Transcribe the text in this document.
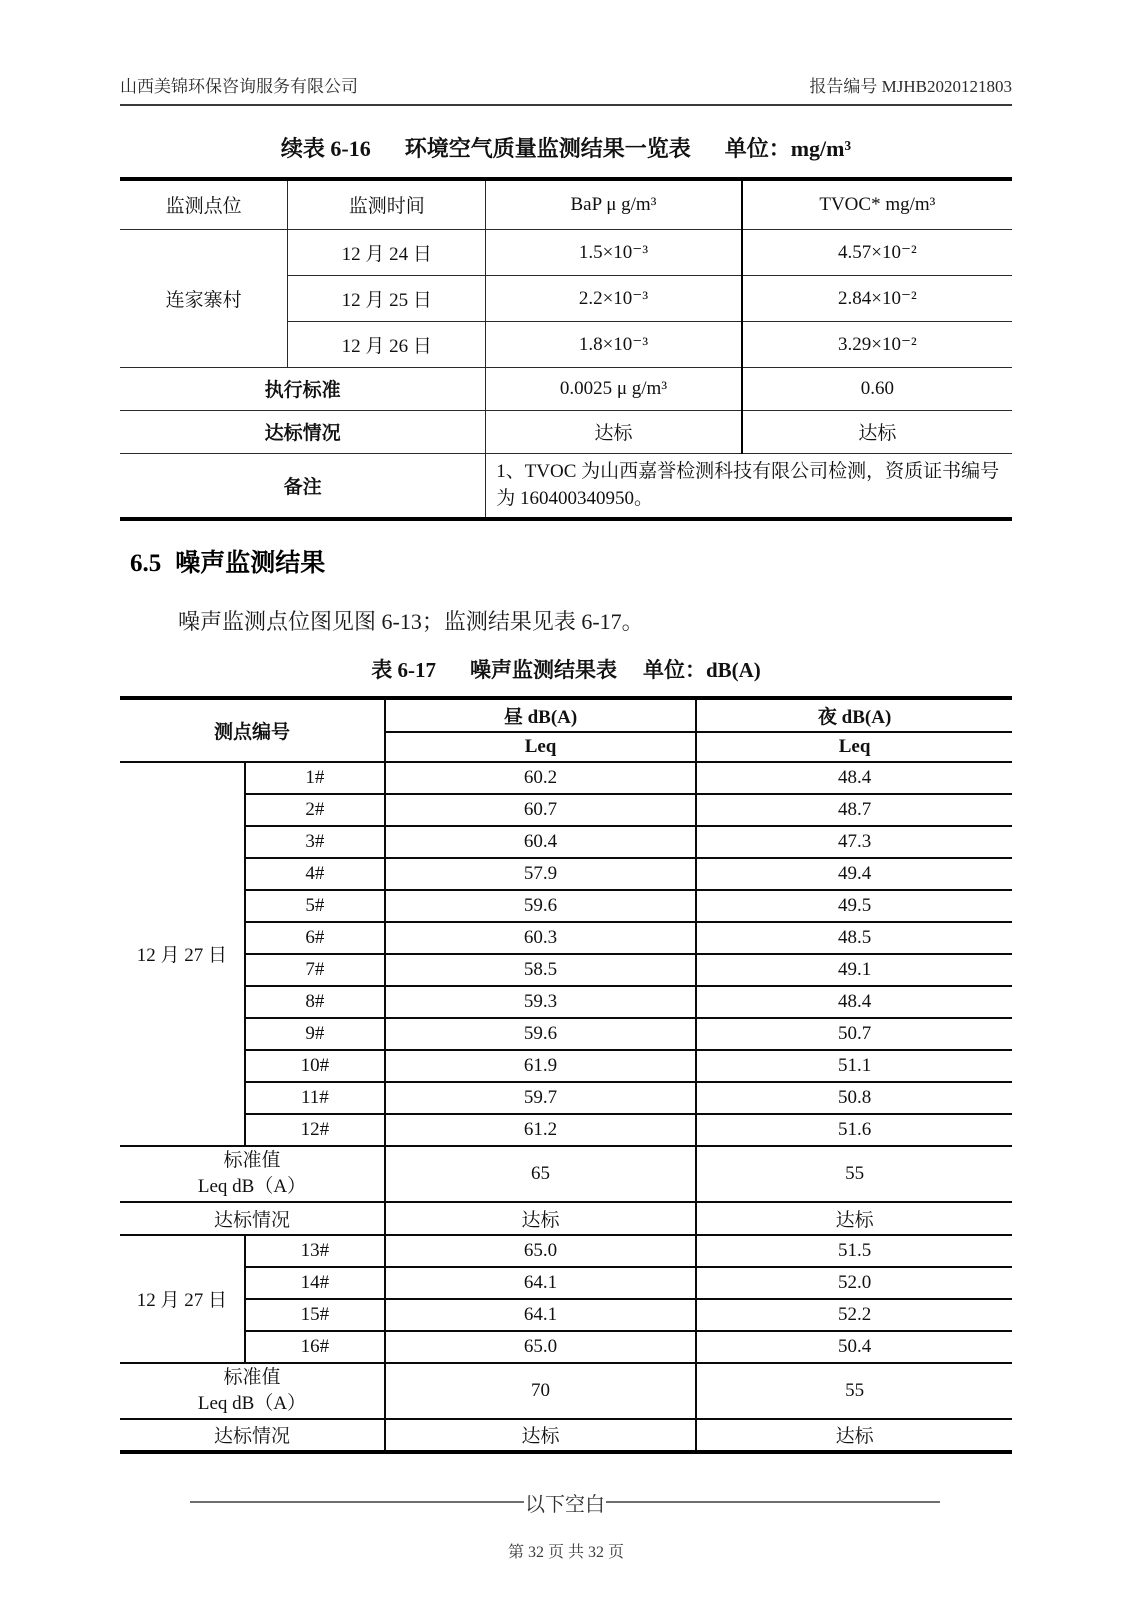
山西美锦环保咨询服务有限公司	报告编号 MJHB2020121803
续表 6-16 环境空气质量监测结果一览表 单位：mg/m³
监测点位	监测时间	BaP μ g/m³	TVOC* mg/m³
连家寨村	12 月 24 日	1.5×10⁻³	4.57×10⁻²
	12 月 25 日	2.2×10⁻³	2.84×10⁻²
	12 月 26 日	1.8×10⁻³	3.29×10⁻²
执行标准		0.0025 μ g/m³	0.60
达标情况		达标	达标
备注		1、TVOC 为山西嘉誉检测科技有限公司检测，资质证书编号为 160400340950。	
6.5 噪声监测结果
噪声监测点位图见图 6-13；监测结果见表 6-17。
表 6-17 噪声监测结果表 单位：dB(A)
测点编号		昼 dB(A)	夜 dB(A)
		Leq	Leq
12 月 27 日	1#	60.2	48.4
	2#	60.7	48.7
	3#	60.4	47.3
	4#	57.9	49.4
	5#	59.6	49.5
	6#	60.3	48.5
	7#	58.5	49.1
	8#	59.3	48.4
	9#	59.6	50.7
	10#	61.9	51.1
	11#	59.7	50.8
	12#	61.2	51.6

标准值
Leq dB（A）		65	55
达标情况		达标	达标
12 月 27 日	13#	65.0	51.5
	14#	64.1	52.0
	15#	64.1	52.2
	16#	65.0	50.4

标准值
Leq dB（A）		70	55
达标情况		达标	达标
以下空白
第 32 页 共 32 页
